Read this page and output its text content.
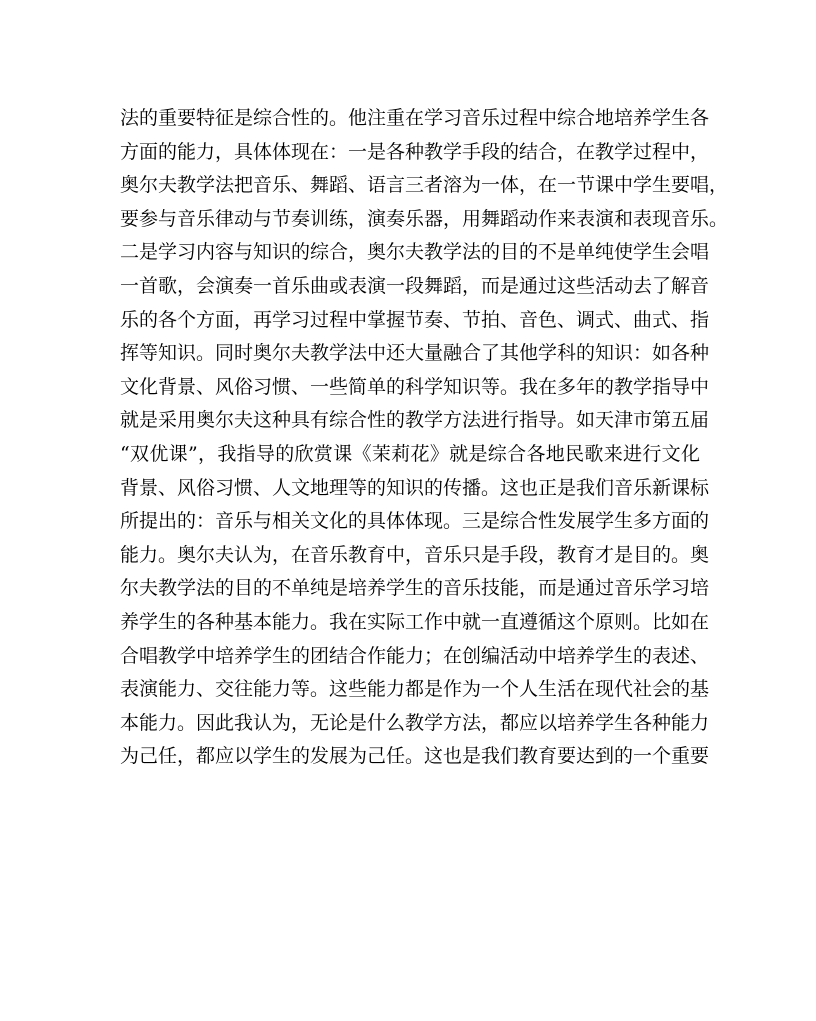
法的重要特征是综合性的。他注重在学习音乐过程中综合地培养学生各
方面的能力，具体体现在：一是各种教学手段的结合，在教学过程中，
奥尔夫教学法把音乐、舞蹈、语言三者溶为一体，在一节课中学生要唱，
要参与音乐律动与节奏训练，演奏乐器，用舞蹈动作来表演和表现音乐。
二是学习内容与知识的综合，奥尔夫教学法的目的不是单纯使学生会唱
一首歌，会演奏一首乐曲或表演一段舞蹈，而是通过这些活动去了解音
乐的各个方面，再学习过程中掌握节奏、节拍、音色、调式、曲式、指
挥等知识。同时奥尔夫教学法中还大量融合了其他学科的知识：如各种
文化背景、风俗习惯、一些简单的科学知识等。我在多年的教学指导中
就是采用奥尔夫这种具有综合性的教学方法进行指导。如天津市第五届
“双优课”，我指导的欣赏课《茉莉花》就是综合各地民歌来进行文化
背景、风俗习惯、人文地理等的知识的传播。这也正是我们音乐新课标
所提出的：音乐与相关文化的具体体现。三是综合性发展学生多方面的
能力。奥尔夫认为，在音乐教育中，音乐只是手段，教育才是目的。奥
尔夫教学法的目的不单纯是培养学生的音乐技能，而是通过音乐学习培
养学生的各种基本能力。我在实际工作中就一直遵循这个原则。比如在
合唱教学中培养学生的团结合作能力；在创编活动中培养学生的表述、
表演能力、交往能力等。这些能力都是作为一个人生活在现代社会的基
本能力。因此我认为，无论是什么教学方法，都应以培养学生各种能力
为己任，都应以学生的发展为己任。这也是我们教育要达到的一个重要
